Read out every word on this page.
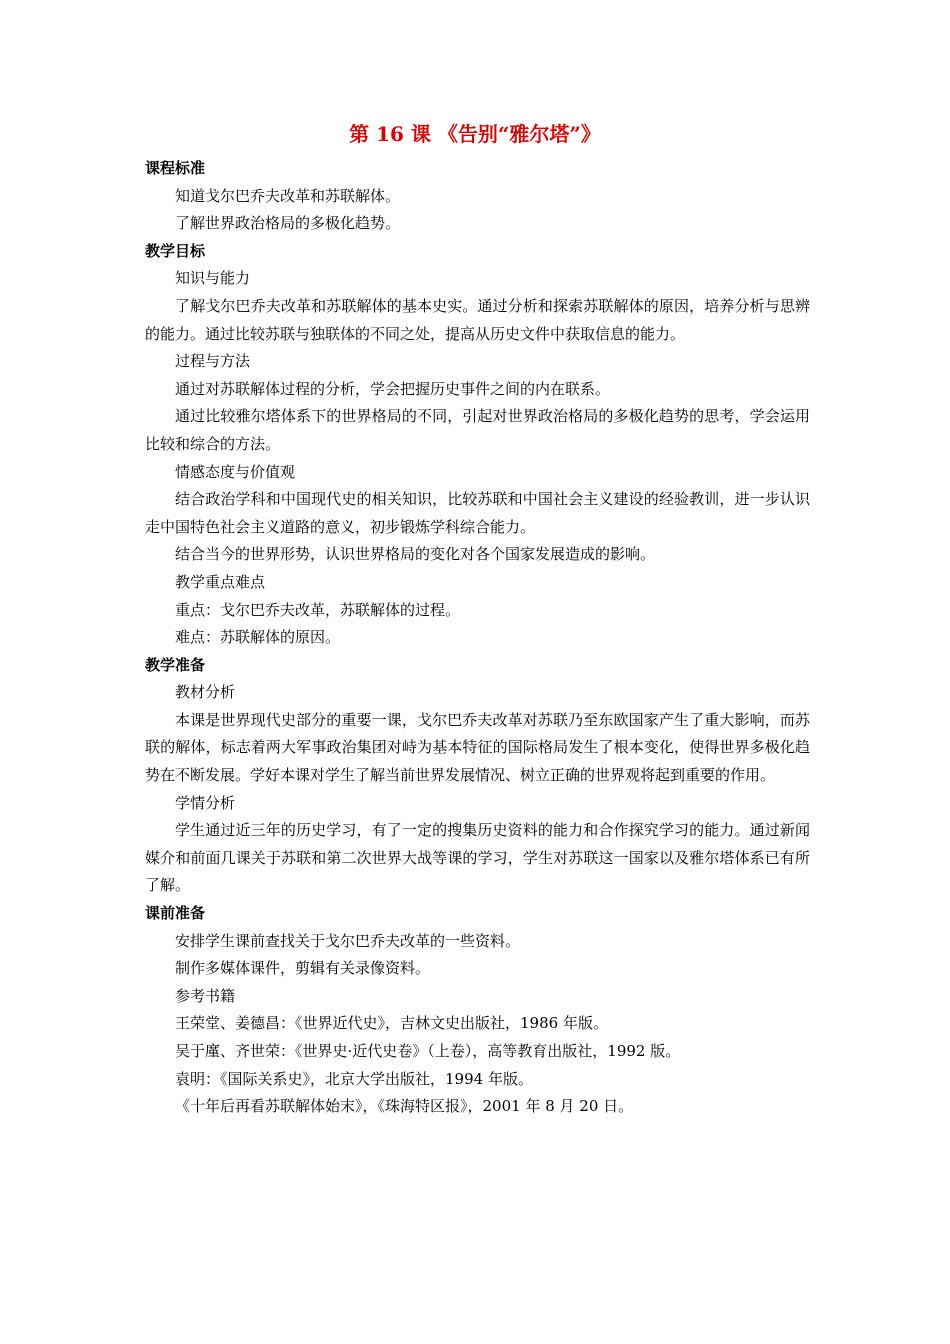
第 16 课 《告别“雅尔塔”》

课程标准

知道戈尔巴乔夫改革和苏联解体。

了解世界政治格局的多极化趋势。

教学目标

知识与能力

了解戈尔巴乔夫改革和苏联解体的基本史实。通过分析和探索苏联解体的原因，培养分析与思辨的能力。通过比较苏联与独联体的不同之处，提高从历史文件中获取信息的能力。

过程与方法

通过对苏联解体过程的分析，学会把握历史事件之间的内在联系。

通过比较雅尔塔体系下的世界格局的不同，引起对世界政治格局的多极化趋势的思考，学会运用比较和综合的方法。

情感态度与价值观

结合政治学科和中国现代史的相关知识，比较苏联和中国社会主义建设的经验教训，进一步认识走中国特色社会主义道路的意义，初步锻炼学科综合能力。

结合当今的世界形势，认识世界格局的变化对各个国家发展造成的影响。

教学重点难点

重点：戈尔巴乔夫改革，苏联解体的过程。

难点：苏联解体的原因。

教学准备

教材分析

本课是世界现代史部分的重要一课，戈尔巴乔夫改革对苏联乃至东欧国家产生了重大影响，而苏联的解体，标志着两大军事政治集团对峙为基本特征的国际格局发生了根本变化，使得世界多极化趋势在不断发展。学好本课对学生了解当前世界发展情况、树立正确的世界观将起到重要的作用。

学情分析

学生通过近三年的历史学习，有了一定的搜集历史资料的能力和合作探究学习的能力。通过新闻媒介和前面几课关于苏联和第二次世界大战等课的学习，学生对苏联这一国家以及雅尔塔体系已有所了解。

课前准备

安排学生课前查找关于戈尔巴乔夫改革的一些资料。

制作多媒体课件，剪辑有关录像资料。

参考书籍

王荣堂、姜德昌：《世界近代史》，吉林文史出版社，1986 年版。

吴于廑、齐世荣：《世界史·近代史卷》（上卷），高等教育出版社，1992 版。

袁明：《国际关系史》，北京大学出版社，1994 年版。

《十年后再看苏联解体始末》，《珠海特区报》，2001 年 8 月 20 日。
